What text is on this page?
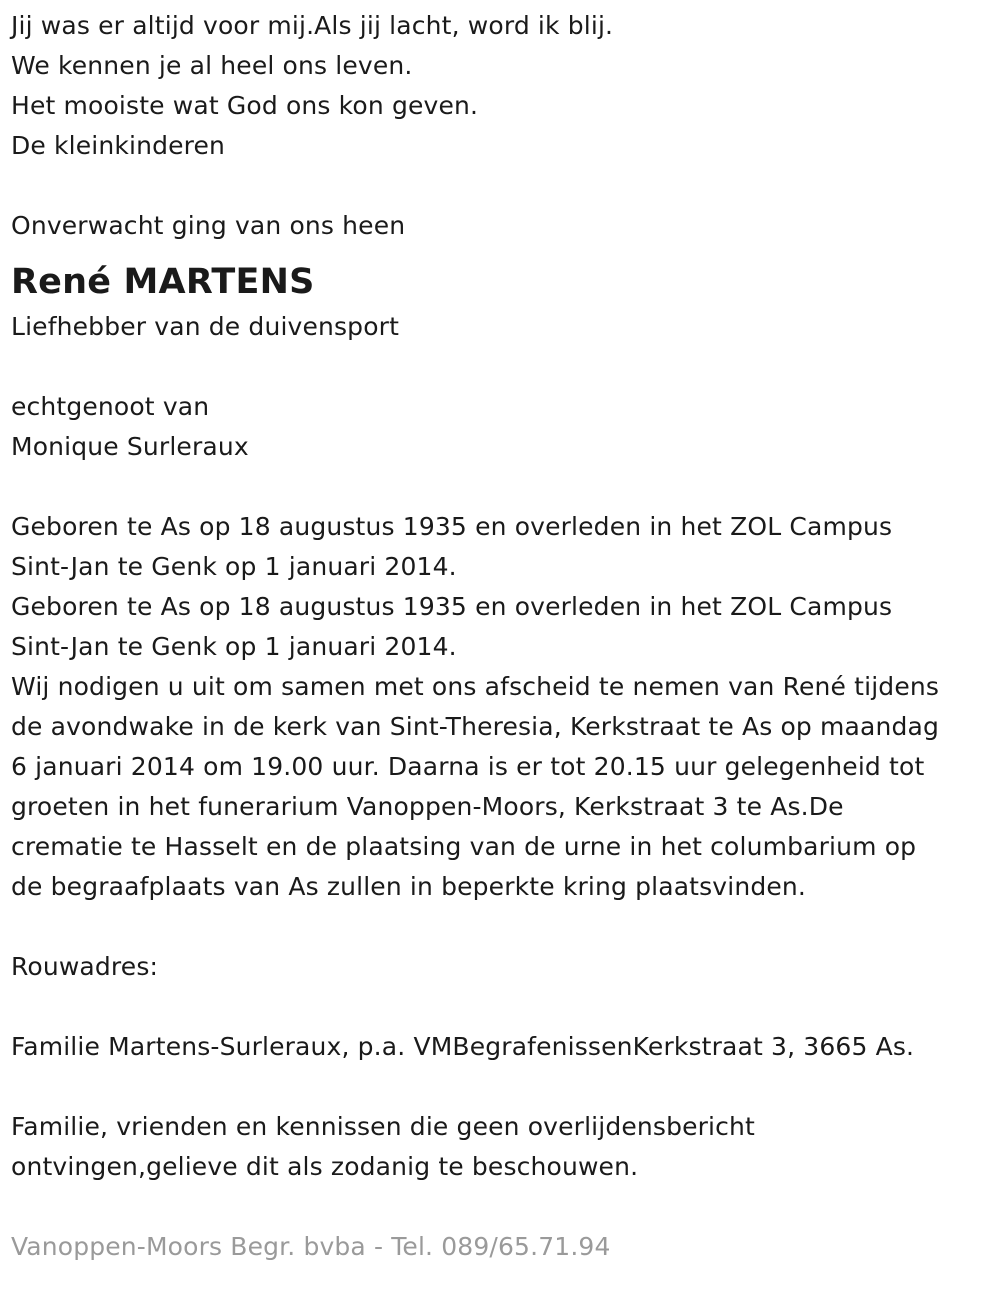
Jij was er altijd voor mij.Als jij lacht, word ik blij.
We kennen je al heel ons leven.
Het mooiste wat God ons kon geven.
De kleinkinderen
Onverwacht ging van ons heen
René MARTENS
Liefhebber van de duivensport
echtgenoot van
Monique Surleraux
Geboren te As op 18 augustus 1935 en overleden in het ZOL Campus
Sint-Jan te Genk op 1 januari 2014.
Geboren te As op 18 augustus 1935 en overleden in het ZOL Campus
Sint-Jan te Genk op 1 januari 2014.
Wij nodigen u uit om samen met ons afscheid te nemen van René tijdens
de avondwake in de kerk van Sint-Theresia, Kerkstraat te As op maandag
6 januari 2014 om 19.00 uur. Daarna is er tot 20.15 uur gelegenheid tot
groeten in het funerarium Vanoppen-Moors, Kerkstraat 3 te As.De
crematie te Hasselt en de plaatsing van de urne in het columbarium op
de begraafplaats van As zullen in beperkte kring plaatsvinden.
Rouwadres:
Familie Martens-Surleraux, p.a. VMBegrafenissenKerkstraat 3, 3665 As.
Familie, vrienden en kennissen die geen overlijdensbericht
ontvingen,gelieve dit als zodanig te beschouwen.
Vanoppen-Moors Begr. bvba - Tel. 089/65.71.94
